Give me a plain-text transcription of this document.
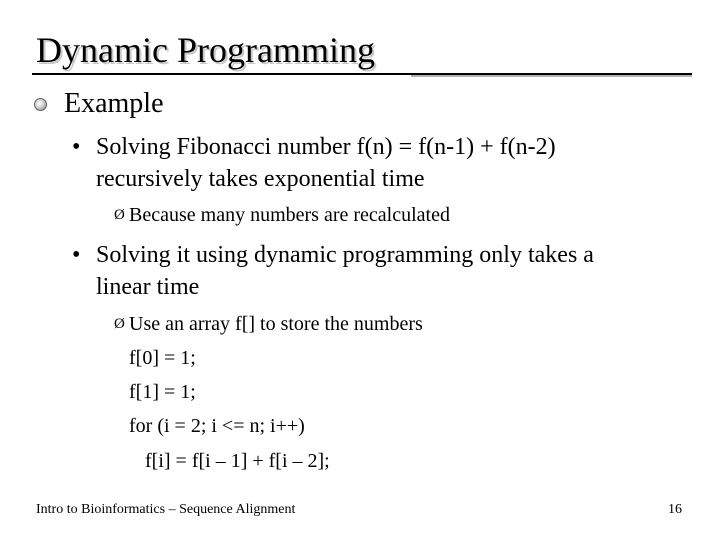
Dynamic Programming
Example
• Solving Fibonacci number f(n) = f(n-1) + f(n-2)
recursively takes exponential time
Ø Because many numbers are recalculated
• Solving it using dynamic programming only takes a
linear time
Ø Use an array f[] to store the numbers
f[0] = 1;
f[1] = 1;
for (i = 2; i <= n; i++)
f[i] = f[i – 1] + f[i – 2];
Intro to Bioinformatics – Sequence Alignment	16
